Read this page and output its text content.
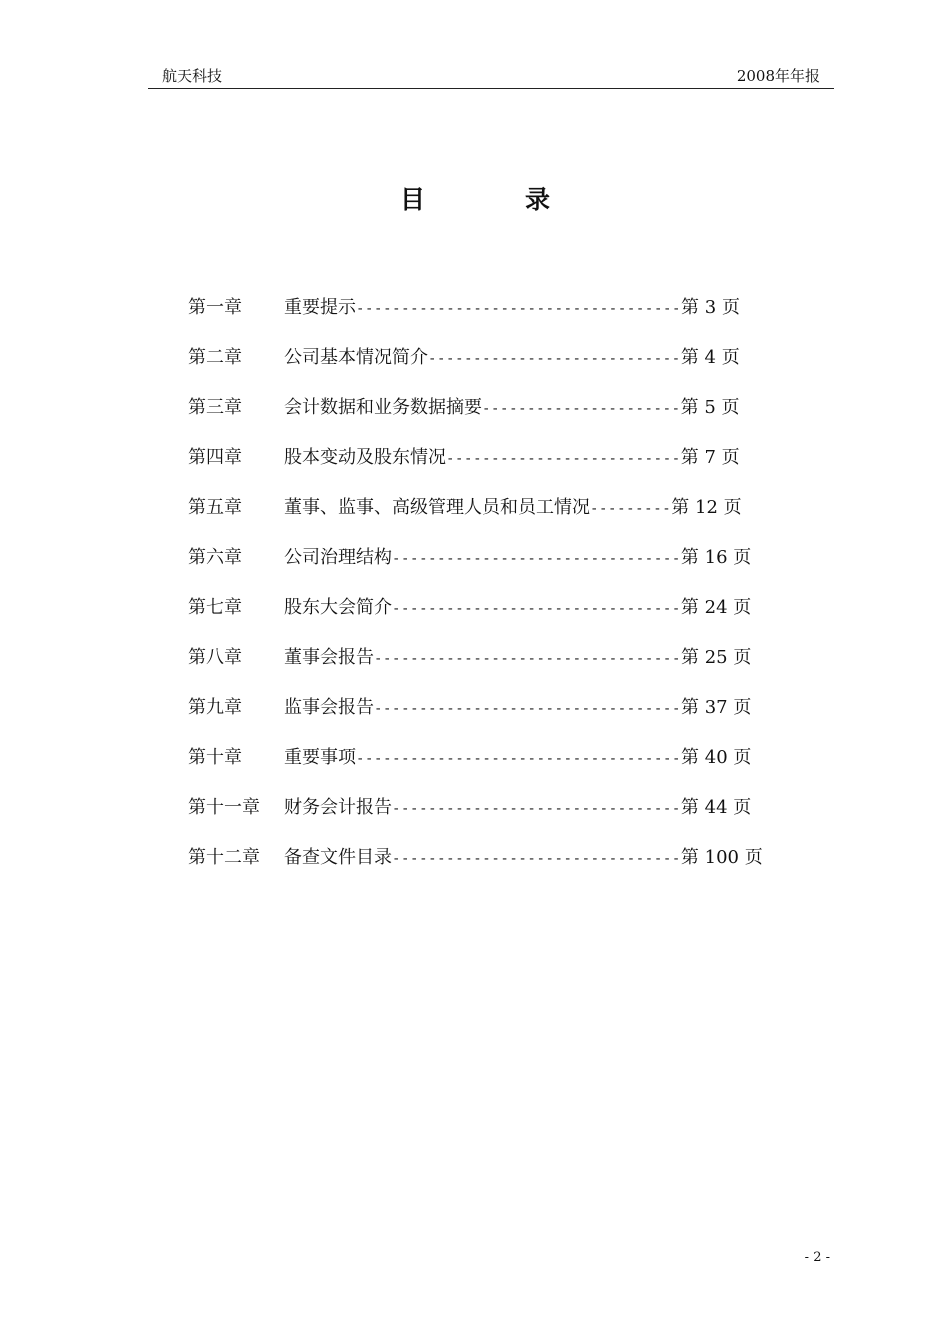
航天科技	2008年年报
目	录
第一章 重要提示------------------------------------第 3 页
第二章 公司基本情况简介----------------------------第 4 页
第三章 会计数据和业务数据摘要----------------------第 5 页
第四章 股本变动及股东情况--------------------------第 7 页
第五章 董事、监事、高级管理人员和员工情况---------第 12 页
第六章 公司治理结构--------------------------------第 16 页
第七章 股东大会简介--------------------------------第 24 页
第八章 董事会报告----------------------------------第 25 页
第九章 监事会报告----------------------------------第 37 页
第十章 重要事项------------------------------------第 40 页
第十一章 财务会计报告--------------------------------第 44 页
第十二章 备查文件目录--------------------------------第 100 页
- 2 -
